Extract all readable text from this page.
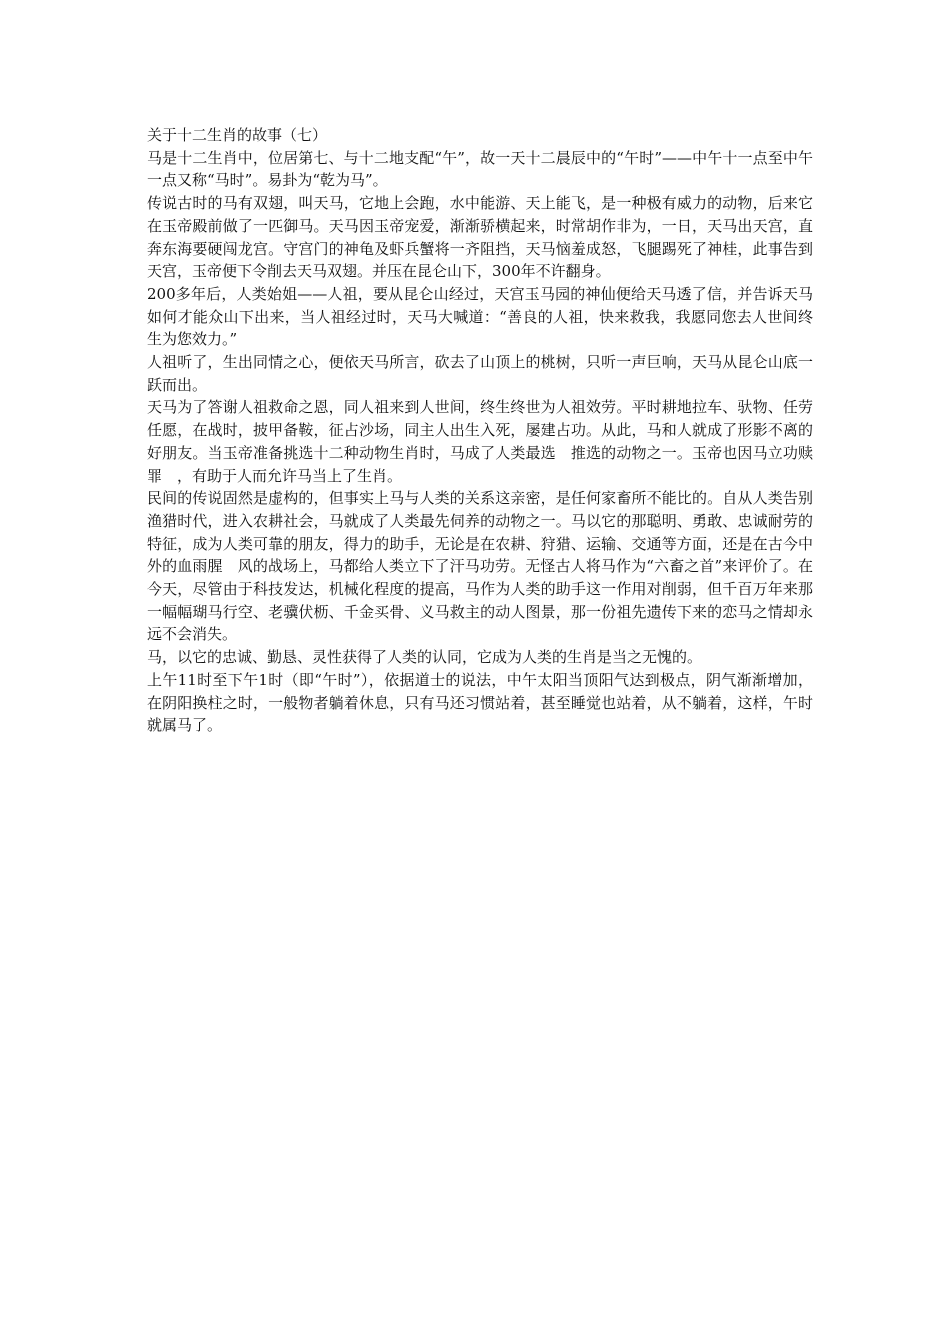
关于十二生肖的故事（七）

马是十二生肖中，位居第七、与十二地支配“午”，故一天十二晨辰中的“午时”——中午十一点至中午一点又称“马时”。易卦为“乾为马”。

传说古时的马有双翅，叫天马，它地上会跑，水中能游、天上能飞，是一种极有威力的动物，后来它在玉帝殿前做了一匹御马。天马因玉帝宠爱，渐渐骄横起来，时常胡作非为，一日，天马出天宫，直奔东海要硬闯龙宫。守宫门的神龟及虾兵蟹将一齐阻挡，天马恼羞成怒，飞腿踢死了神桂，此事告到天宫，玉帝便下令削去天马双翅。并压在昆仑山下，300年不许翻身。

200多年后，人类始姐——人祖，要从昆仑山经过，天宫玉马园的神仙便给天马透了信，并告诉天马如何才能众山下出来，当人祖经过时，天马大喊道：“善良的人祖，快来救我，我愿同您去人世间终生为您效力。”

人祖听了，生出同情之心，便依天马所言，砍去了山顶上的桃树，只听一声巨响，天马从昆仑山底一跃而出。

天马为了答谢人祖救命之恩，同人祖来到人世间，终生终世为人祖效劳。平时耕地拉车、驮物、任劳任愿，在战时，披甲备鞍，征占沙场，同主人出生入死，屡建占功。从此，马和人就成了形影不离的好朋友。当玉帝准备挑选十二种动物生肖时，马成了人类最选　推选的动物之一。玉帝也因马立功赎罪　，有助于人而允许马当上了生肖。

民间的传说固然是虚构的，但事实上马与人类的关系这亲密，是任何家畜所不能比的。自从人类告别渔猎时代，进入农耕社会，马就成了人类最先伺养的动物之一。马以它的那聪明、勇敢、忠诚耐劳的特征，成为人类可靠的朋友，得力的助手，无论是在农耕、狩猎、运输、交通等方面，还是在古今中外的血雨腥　风的战场上，马都给人类立下了汗马功劳。无怪古人将马作为“六畜之首”来评价了。在今天，尽管由于科技发达，机械化程度的提高，马作为人类的助手这一作用对削弱，但千百万年来那一幅幅瑚马行空、老骥伏枥、千金买骨、义马救主的动人图景，那一份祖先遗传下来的恋马之情却永远不会消失。

马，以它的忠诚、勤恳、灵性获得了人类的认同，它成为人类的生肖是当之无愧的。

上午11时至下午1时（即“午时”），依据道士的说法，中午太阳当顶阳气达到极点，阴气渐渐增加，在阴阳换柱之时，一般物者躺着休息，只有马还习惯站着，甚至睡觉也站着，从不躺着，这样，午时就属马了。
